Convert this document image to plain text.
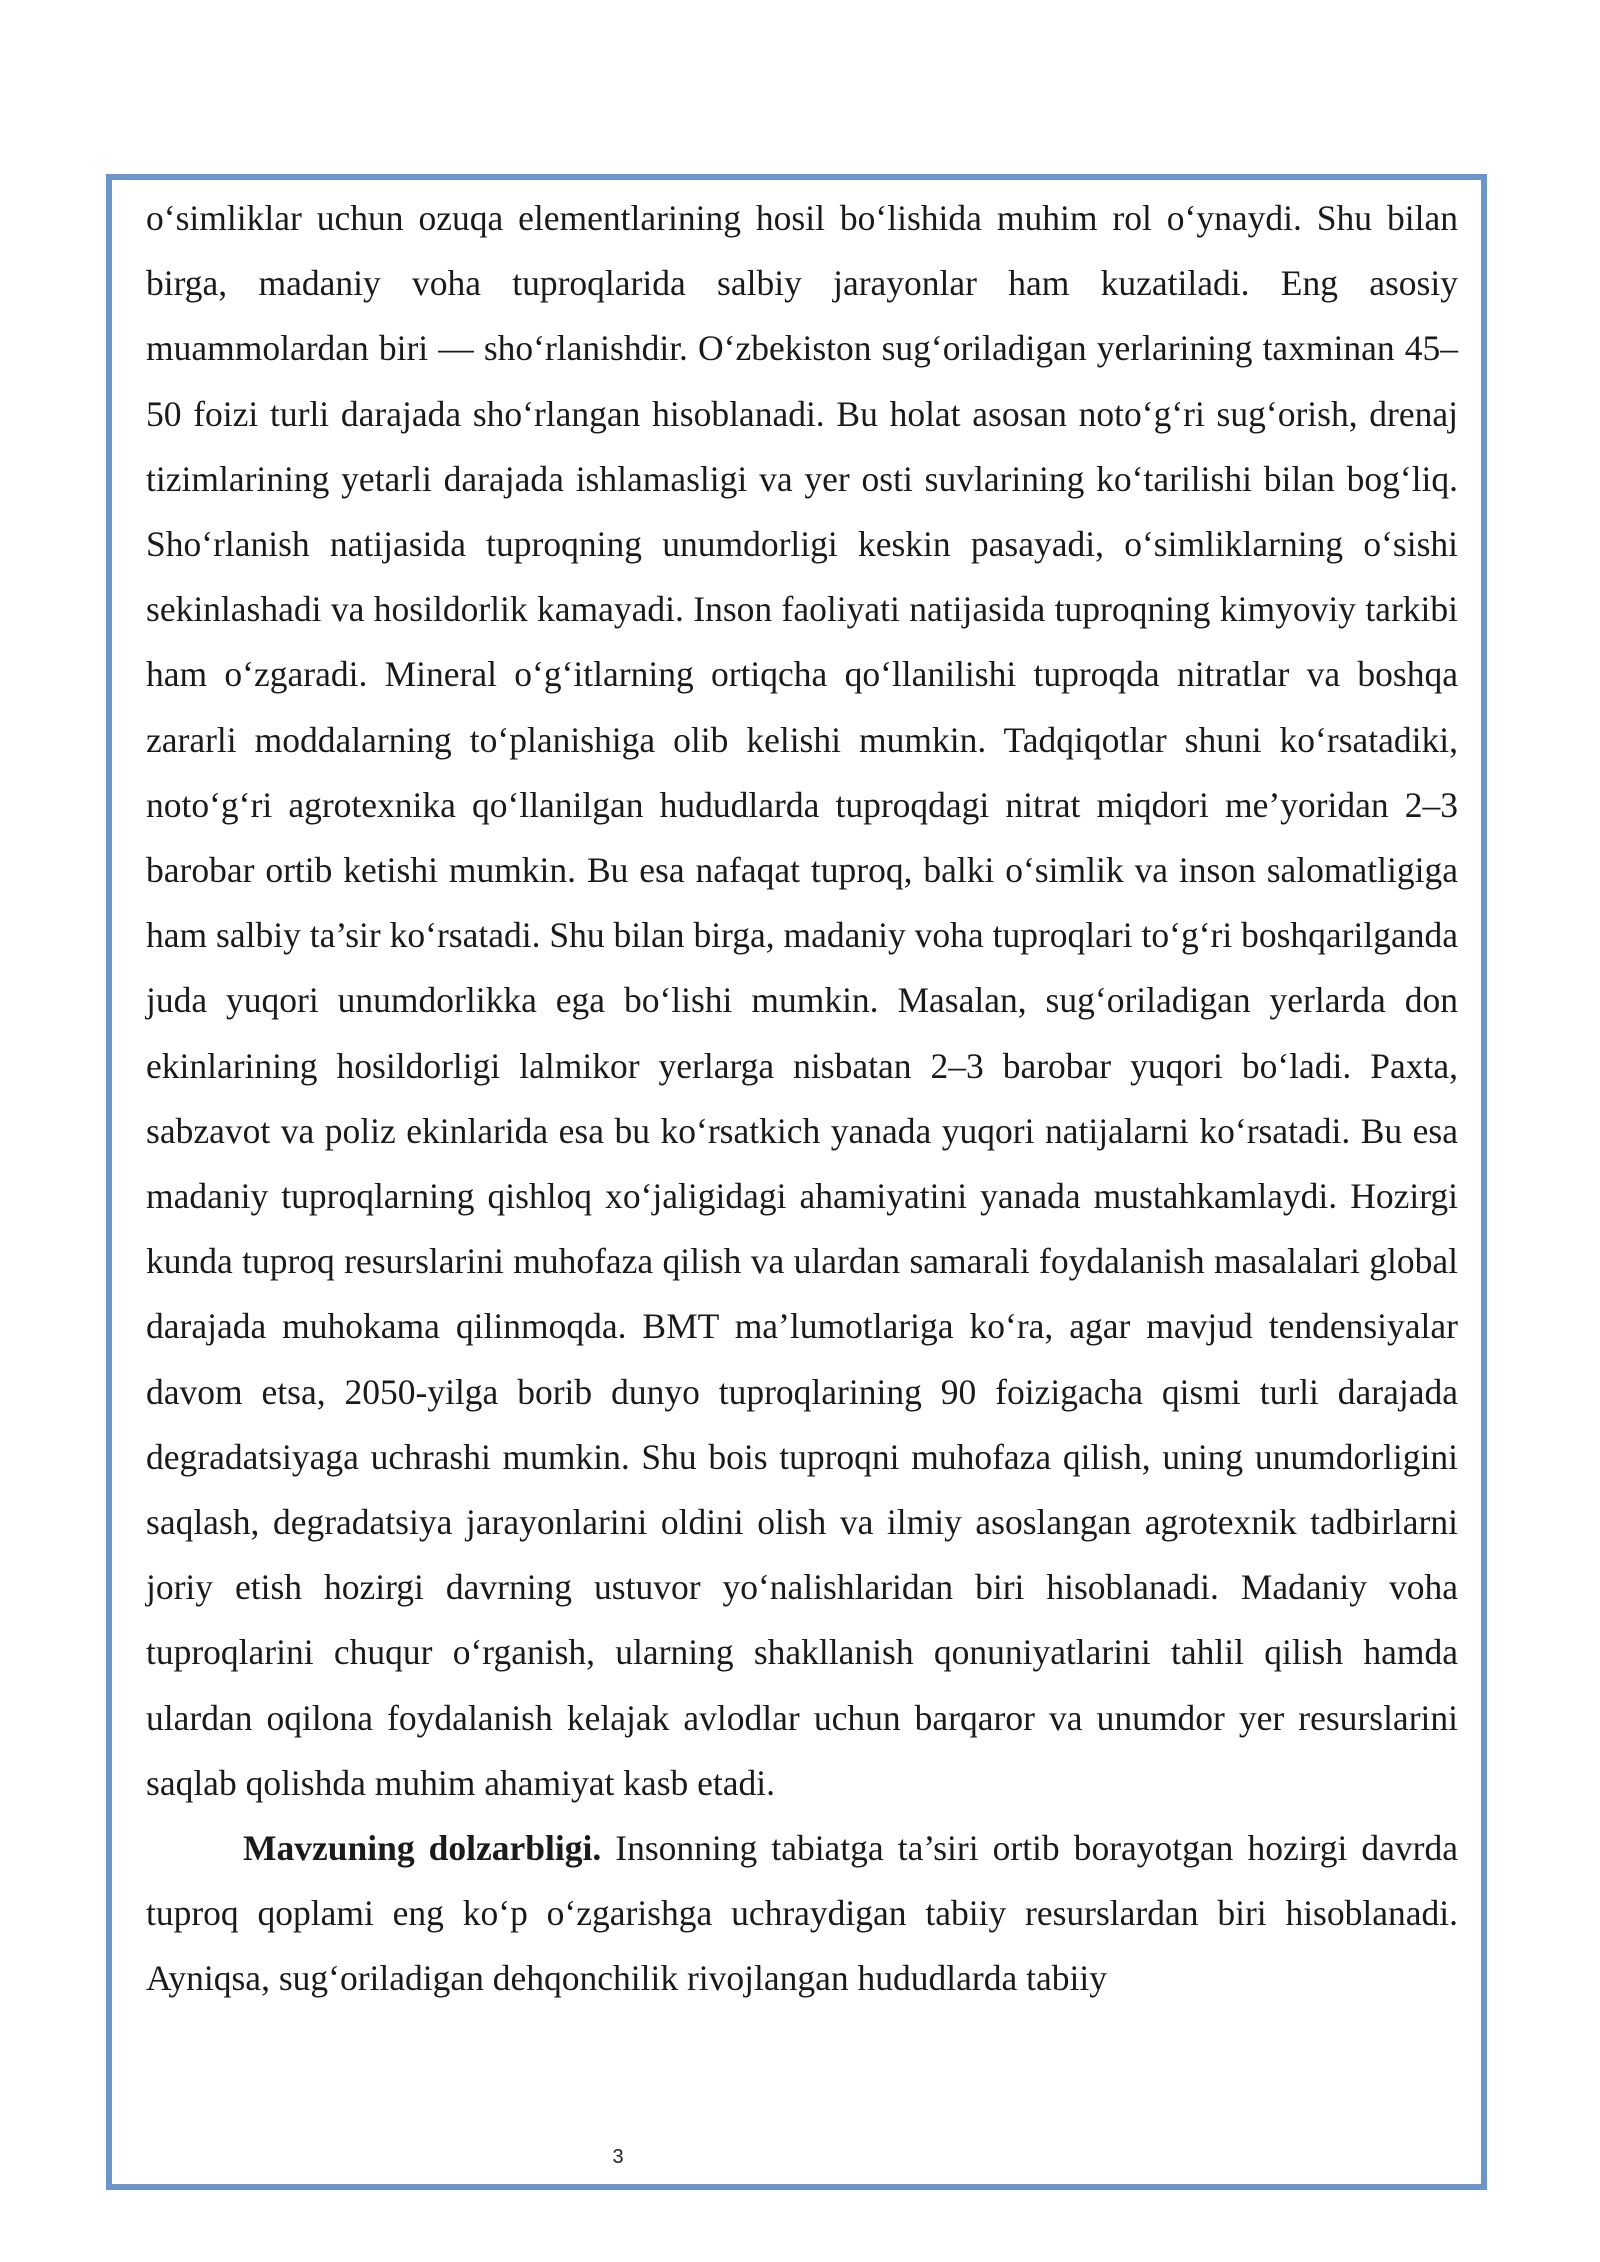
o‘simliklar uchun ozuqa elementlarining hosil bo‘lishida muhim rol o‘ynaydi. Shu bilan birga, madaniy voha tuproqlarida salbiy jarayonlar ham kuzatiladi. Eng asosiy muammolardan biri — sho‘rlanishdir. O‘zbekiston sug‘oriladigan yerlarining taxminan 45–50 foizi turli darajada sho‘rlangan hisoblanadi. Bu holat asosan noto‘g‘ri sug‘orish, drenaj tizimlarining yetarli darajada ishlamasligi va yer osti suvlarining ko‘tarilishi bilan bog‘liq. Sho‘rlanish natijasida tuproqning unumdorligi keskin pasayadi, o‘simliklarning o‘sishi sekinlashadi va hosildorlik kamayadi. Inson faoliyati natijasida tuproqning kimyoviy tarkibi ham o‘zgaradi. Mineral o‘g‘itlarning ortiqcha qo‘llanilishi tuproqda nitratlar va boshqa zararli moddalarning to‘planishiga olib kelishi mumkin. Tadqiqotlar shuni ko‘rsatadiki, noto‘g‘ri agrotexnika qo‘llanilgan hududlarda tuproqdagi nitrat miqdori me’yoridan 2–3 barobar ortib ketishi mumkin. Bu esa nafaqat tuproq, balki o‘simlik va inson salomatligiga ham salbiy ta’sir ko‘rsatadi. Shu bilan birga, madaniy voha tuproqlari to‘g‘ri boshqarilganda juda yuqori unumdorlikka ega bo‘lishi mumkin. Masalan, sug‘oriladigan yerlarda don ekinlarining hosildorligi lalmikor yerlarga nisbatan 2–3 barobar yuqori bo‘ladi. Paxta, sabzavot va poliz ekinlarida esa bu ko‘rsatkich yanada yuqori natijalarni ko‘rsatadi. Bu esa madaniy tuproqlarning qishloq xo‘jaligidagi ahamiyatini yanada mustahkamlaydi. Hozirgi kunda tuproq resurslarini muhofaza qilish va ulardan samarali foydalanish masalalari global darajada muhokama qilinmoqda. BMT ma’lumotlariga ko‘ra, agar mavjud tendensiyalar davom etsa, 2050-yilga borib dunyo tuproqlarining 90 foizigacha qismi turli darajada degradatsiyaga uchrashi mumkin. Shu bois tuproqni muhofaza qilish, uning unumdorligini saqlash, degradatsiya jarayonlarini oldini olish va ilmiy asoslangan agrotexnik tadbirlarni joriy etish hozirgi davrning ustuvor yo‘nalishlaridan biri hisoblanadi. Madaniy voha tuproqlarini chuqur o‘rganish, ularning shakllanish qonuniyatlarini tahlil qilish hamda ulardan oqilona foydalanish kelajak avlodlar uchun barqaror va unumdor yer resurslarini saqlab qolishda muhim ahamiyat kasb etadi.

Mavzuning dolzarbligi. Insonning tabiatga ta’siri ortib borayotgan hozirgi davrda tuproq qoplami eng ko‘p o‘zgarishga uchraydigan tabiiy resurslardan biri hisoblanadi. Ayniqsa, sug‘oriladigan dehqonchilik rivojlangan hududlarda tabiiy

3
